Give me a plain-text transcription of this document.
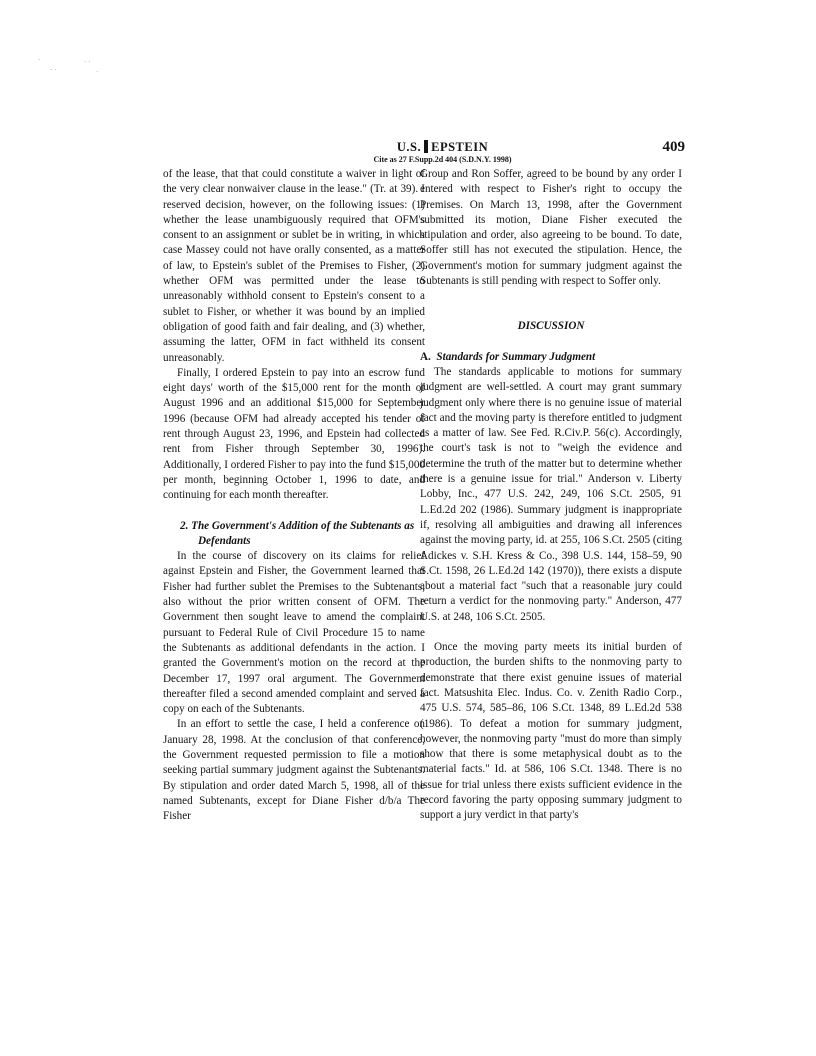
·
· ·
· ·
·
U.S. EPSTEIN
Cite as 27 F.Supp.2d 404 (S.D.N.Y. 1998)
409

of the lease, that that could constitute a waiver in light of the very clear nonwaiver clause in the lease." (Tr. at 39). I reserved decision, however, on the following issues: (1) whether the lease unambiguously required that OFM's consent to an assignment or sublet be in writing, in which case Massey could not have orally consented, as a matter of law, to Epstein's sublet of the Premises to Fisher, (2) whether OFM was permitted under the lease to unreasonably withhold consent to Epstein's consent to a sublet to Fisher, or whether it was bound by an implied obligation of good faith and fair dealing, and (3) whether, assuming the latter, OFM in fact withheld its consent unreasonably.

Finally, I ordered Epstein to pay into an escrow fund eight days' worth of the $15,000 rent for the month of August 1996 and an additional $15,000 for September 1996 (because OFM had already accepted his tender of rent through August 23, 1996, and Epstein had collected rent from Fisher through September 30, 1996). Additionally, I ordered Fisher to pay into the fund $15,000 per month, beginning October 1, 1996 to date, and continuing for each month thereafter.

2. The Government's Addition of the Subtenants as Defendants

In the course of discovery on its claims for relief against Epstein and Fisher, the Government learned that Fisher had further sublet the Premises to the Subtenants, also without the prior written consent of OFM. The Government then sought leave to amend the complaint pursuant to Federal Rule of Civil Procedure 15 to name the Subtenants as additional defendants in the action. I granted the Government's motion on the record at the December 17, 1997 oral argument. The Government thereafter filed a second amended complaint and served a copy on each of the Subtenants.

In an effort to settle the case, I held a conference on January 28, 1998. At the conclusion of that conference, the Government requested permission to file a motion seeking partial summary judgment against the Subtenants. By stipulation and order dated March 5, 1998, all of the named Subtenants, except for Diane Fisher d/b/a The Fisher

Group and Ron Soffer, agreed to be bound by any order I entered with respect to Fisher's right to occupy the Premises. On March 13, 1998, after the Government submitted its motion, Diane Fisher executed the stipulation and order, also agreeing to be bound. To date, Soffer still has not executed the stipulation. Hence, the Government's motion for summary judgment against the Subtenants is still pending with respect to Soffer only.

DISCUSSION

A. Standards for Summary Judgment

The standards applicable to motions for summary judgment are well-settled. A court may grant summary judgment only where there is no genuine issue of material fact and the moving party is therefore entitled to judgment as a matter of law. See Fed. R.Civ.P. 56(c). Accordingly, the court's task is not to "weigh the evidence and determine the truth of the matter but to determine whether there is a genuine issue for trial." Anderson v. Liberty Lobby, Inc., 477 U.S. 242, 249, 106 S.Ct. 2505, 91 L.Ed.2d 202 (1986). Summary judgment is inappropriate if, resolving all ambiguities and drawing all inferences against the moving party, id. at 255, 106 S.Ct. 2505 (citing Adickes v. S.H. Kress & Co., 398 U.S. 144, 158–59, 90 S.Ct. 1598, 26 L.Ed.2d 142 (1970)), there exists a dispute about a material fact "such that a reasonable jury could return a verdict for the nonmoving party." Anderson, 477 U.S. at 248, 106 S.Ct. 2505.

Once the moving party meets its initial burden of production, the burden shifts to the nonmoving party to demonstrate that there exist genuine issues of material fact. Matsushita Elec. Indus. Co. v. Zenith Radio Corp., 475 U.S. 574, 585–86, 106 S.Ct. 1348, 89 L.Ed.2d 538 (1986). To defeat a motion for summary judgment, however, the nonmoving party "must do more than simply show that there is some metaphysical doubt as to the material facts." Id. at 586, 106 S.Ct. 1348. There is no issue for trial unless there exists sufficient evidence in the record favoring the party opposing summary judgment to support a jury verdict in that party's
